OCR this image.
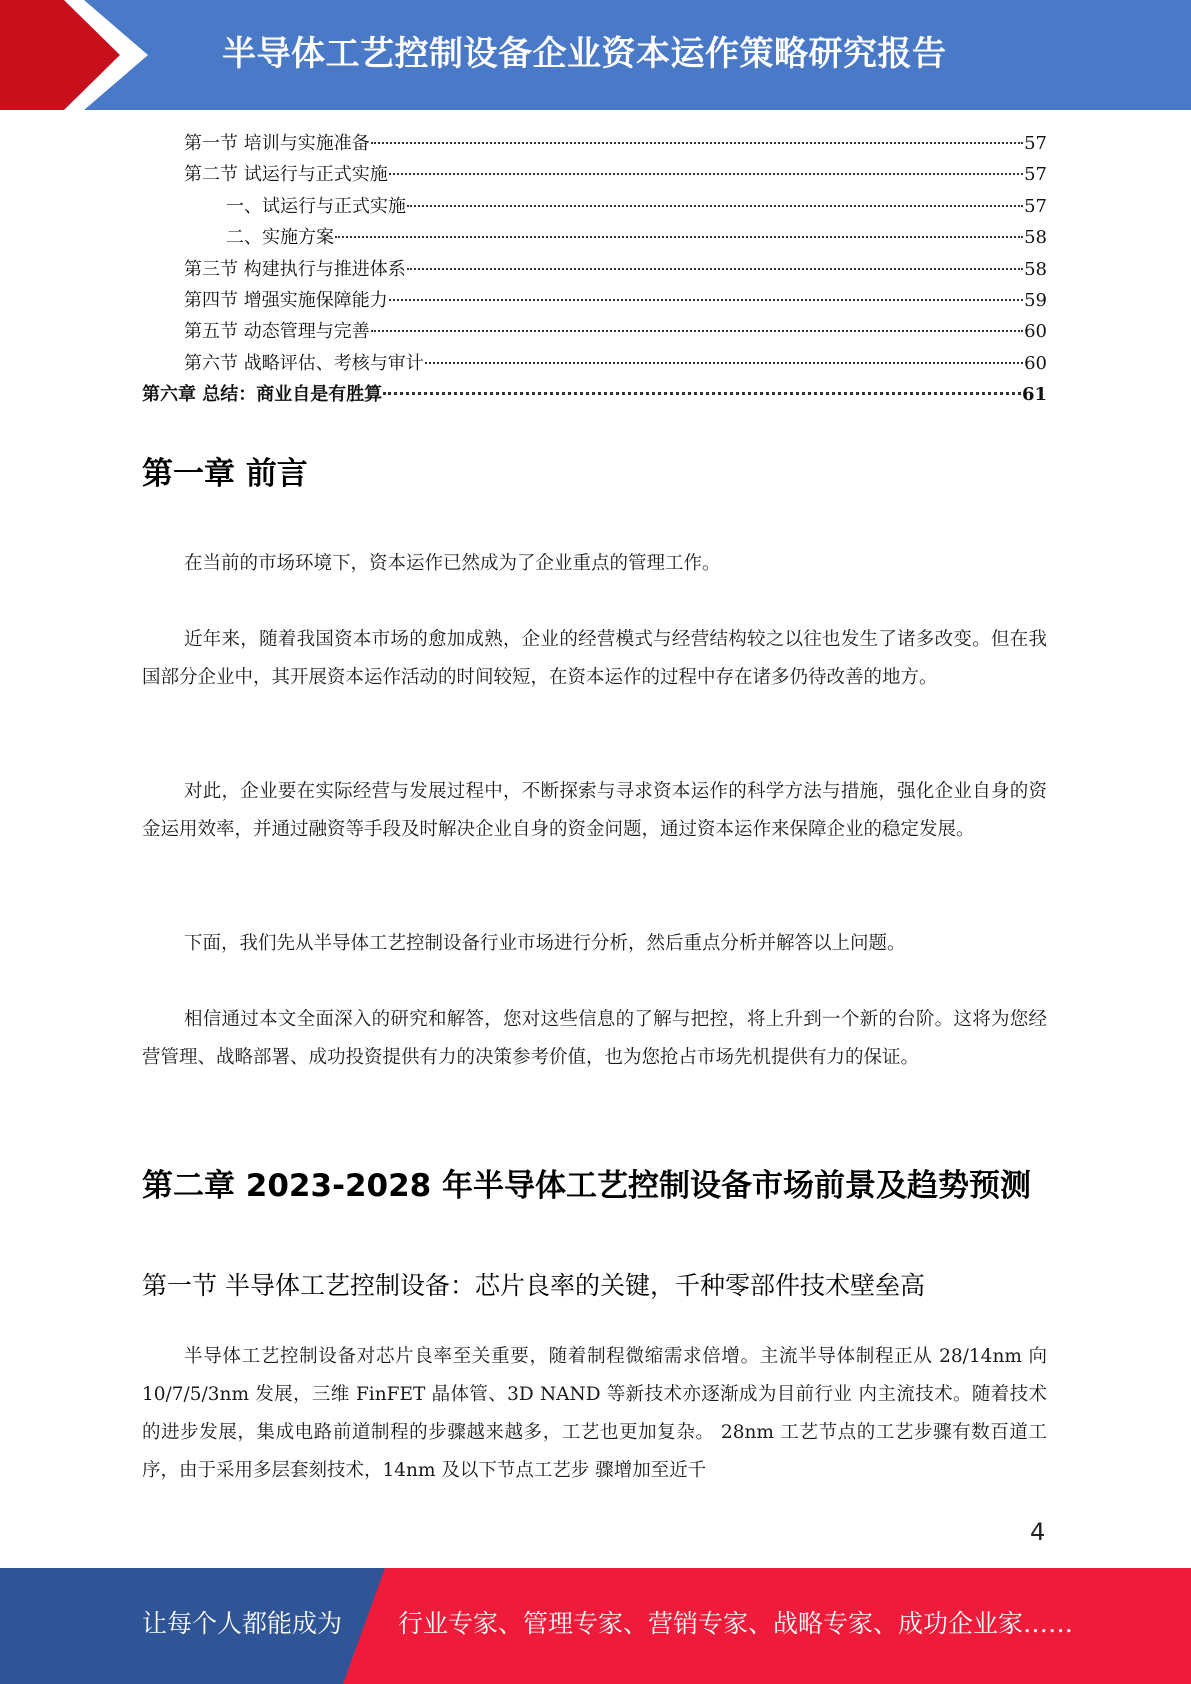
半导体工艺控制设备企业资本运作策略研究报告
第一节 培训与实施准备	57
第二节 试运行与正式实施	57
一、试运行与正式实施	57
二、实施方案	58
第三节 构建执行与推进体系	58
第四节 增强实施保障能力	59
第五节 动态管理与完善	60
第六节 战略评估、考核与审计	60
第六章 总结：商业自是有胜算	61
第一章 前言

在当前的市场环境下，资本运作已然成为了企业重点的管理工作。

近年来，随着我国资本市场的愈加成熟，企业的经营模式与经营结构较之以往也发生了诸多改变。但在我国部分企业中，其开展资本运作活动的时间较短，在资本运作的过程中存在诸多仍待改善的地方。

对此，企业要在实际经营与发展过程中，不断探索与寻求资本运作的科学方法与措施，强化企业自身的资金运用效率，并通过融资等手段及时解决企业自身的资金问题，通过资本运作来保障企业的稳定发展。

下面，我们先从半导体工艺控制设备行业市场进行分析，然后重点分析并解答以上问题。

相信通过本文全面深入的研究和解答，您对这些信息的了解与把控，将上升到一个新的台阶。这将为您经营管理、战略部署、成功投资提供有力的决策参考价值，也为您抢占市场先机提供有力的保证。

第二章 2023-2028 年半导体工艺控制设备市场前景及趋势预测
第一节 半导体工艺控制设备：芯片良率的关键，千种零部件技术壁垒高

半导体工艺控制设备对芯片良率至关重要，随着制程微缩需求倍增。主流半导体制程正从 28/14nm 向 10/7/5/3nm 发展，三维 FinFET 晶体管、3D NAND 等新技术亦逐渐成为目前行业 内主流技术。随着技术的进步发展，集成电路前道制程的步骤越来越多，工艺也更加复杂。 28nm 工艺节点的工艺步骤有数百道工序，由于采用多层套刻技术，14nm 及以下节点工艺步 骤增加至近千

4
让每个人都能成为 行业专家、管理专家、营销专家、战略专家、成功企业家……
